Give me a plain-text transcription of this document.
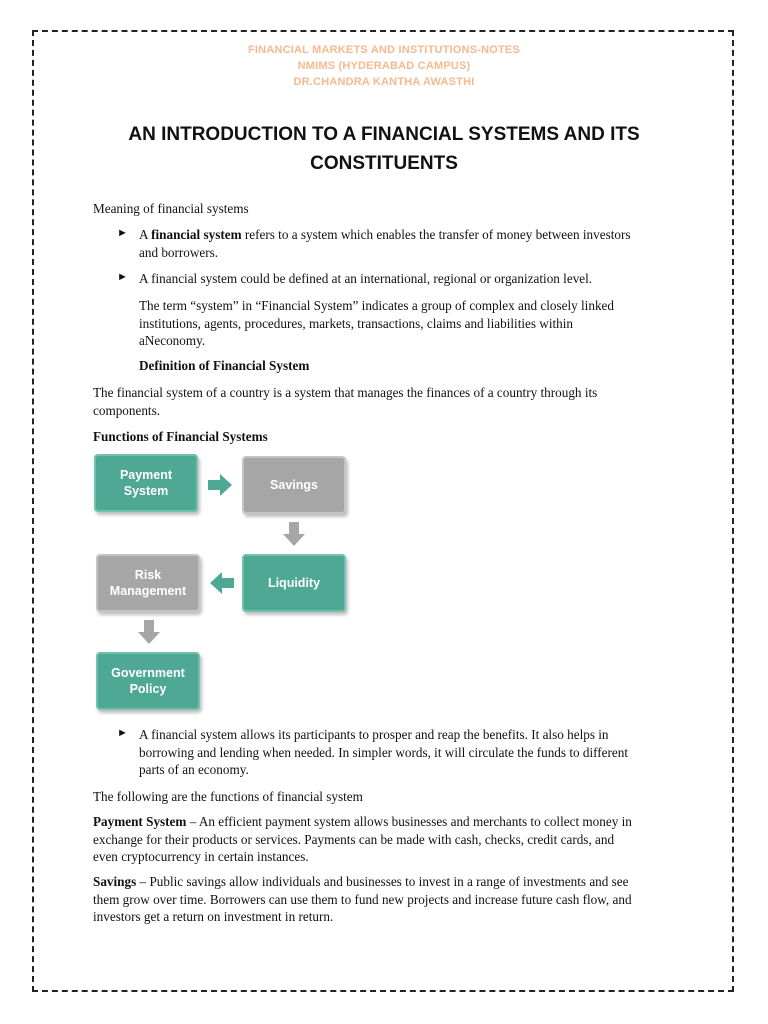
FINANCIAL MARKETS AND INSTITUTIONS-NOTES
NMIMS (HYDERABAD CAMPUS)
DR.CHANDRA KANTHA AWASTHI
AN INTRODUCTION TO A FINANCIAL SYSTEMS AND ITS
CONSTITUENTS
Meaning of financial systems
► A financial system refers to a system which enables the transfer of money between investors
and borrowers.
► A financial system could be defined at an international, regional or organization level.
The term “system” in “Financial System” indicates a group of complex and closely linked
institutions, agents, procedures, markets, transactions, claims and liabilities within
aNeconomy.
Definition of Financial System
The financial system of a country is a system that manages the finances of a country through its
components.
Functions of Financial Systems
Payment
System	Savings
Liquidity
Risk
Management
Government
Policy
► A financial system allows its participants to prosper and reap the benefits. It also helps in
borrowing and lending when needed. In simpler words, it will circulate the funds to different
parts of an economy.
The following are the functions of financial system
Payment System – An efficient payment system allows businesses and merchants to collect money in
exchange for their products or services. Payments can be made with cash, checks, credit cards, and
even cryptocurrency in certain instances.
Savings – Public savings allow individuals and businesses to invest in a range of investments and see
them grow over time. Borrowers can use them to fund new projects and increase future cash flow, and
investors get a return on investment in return.
